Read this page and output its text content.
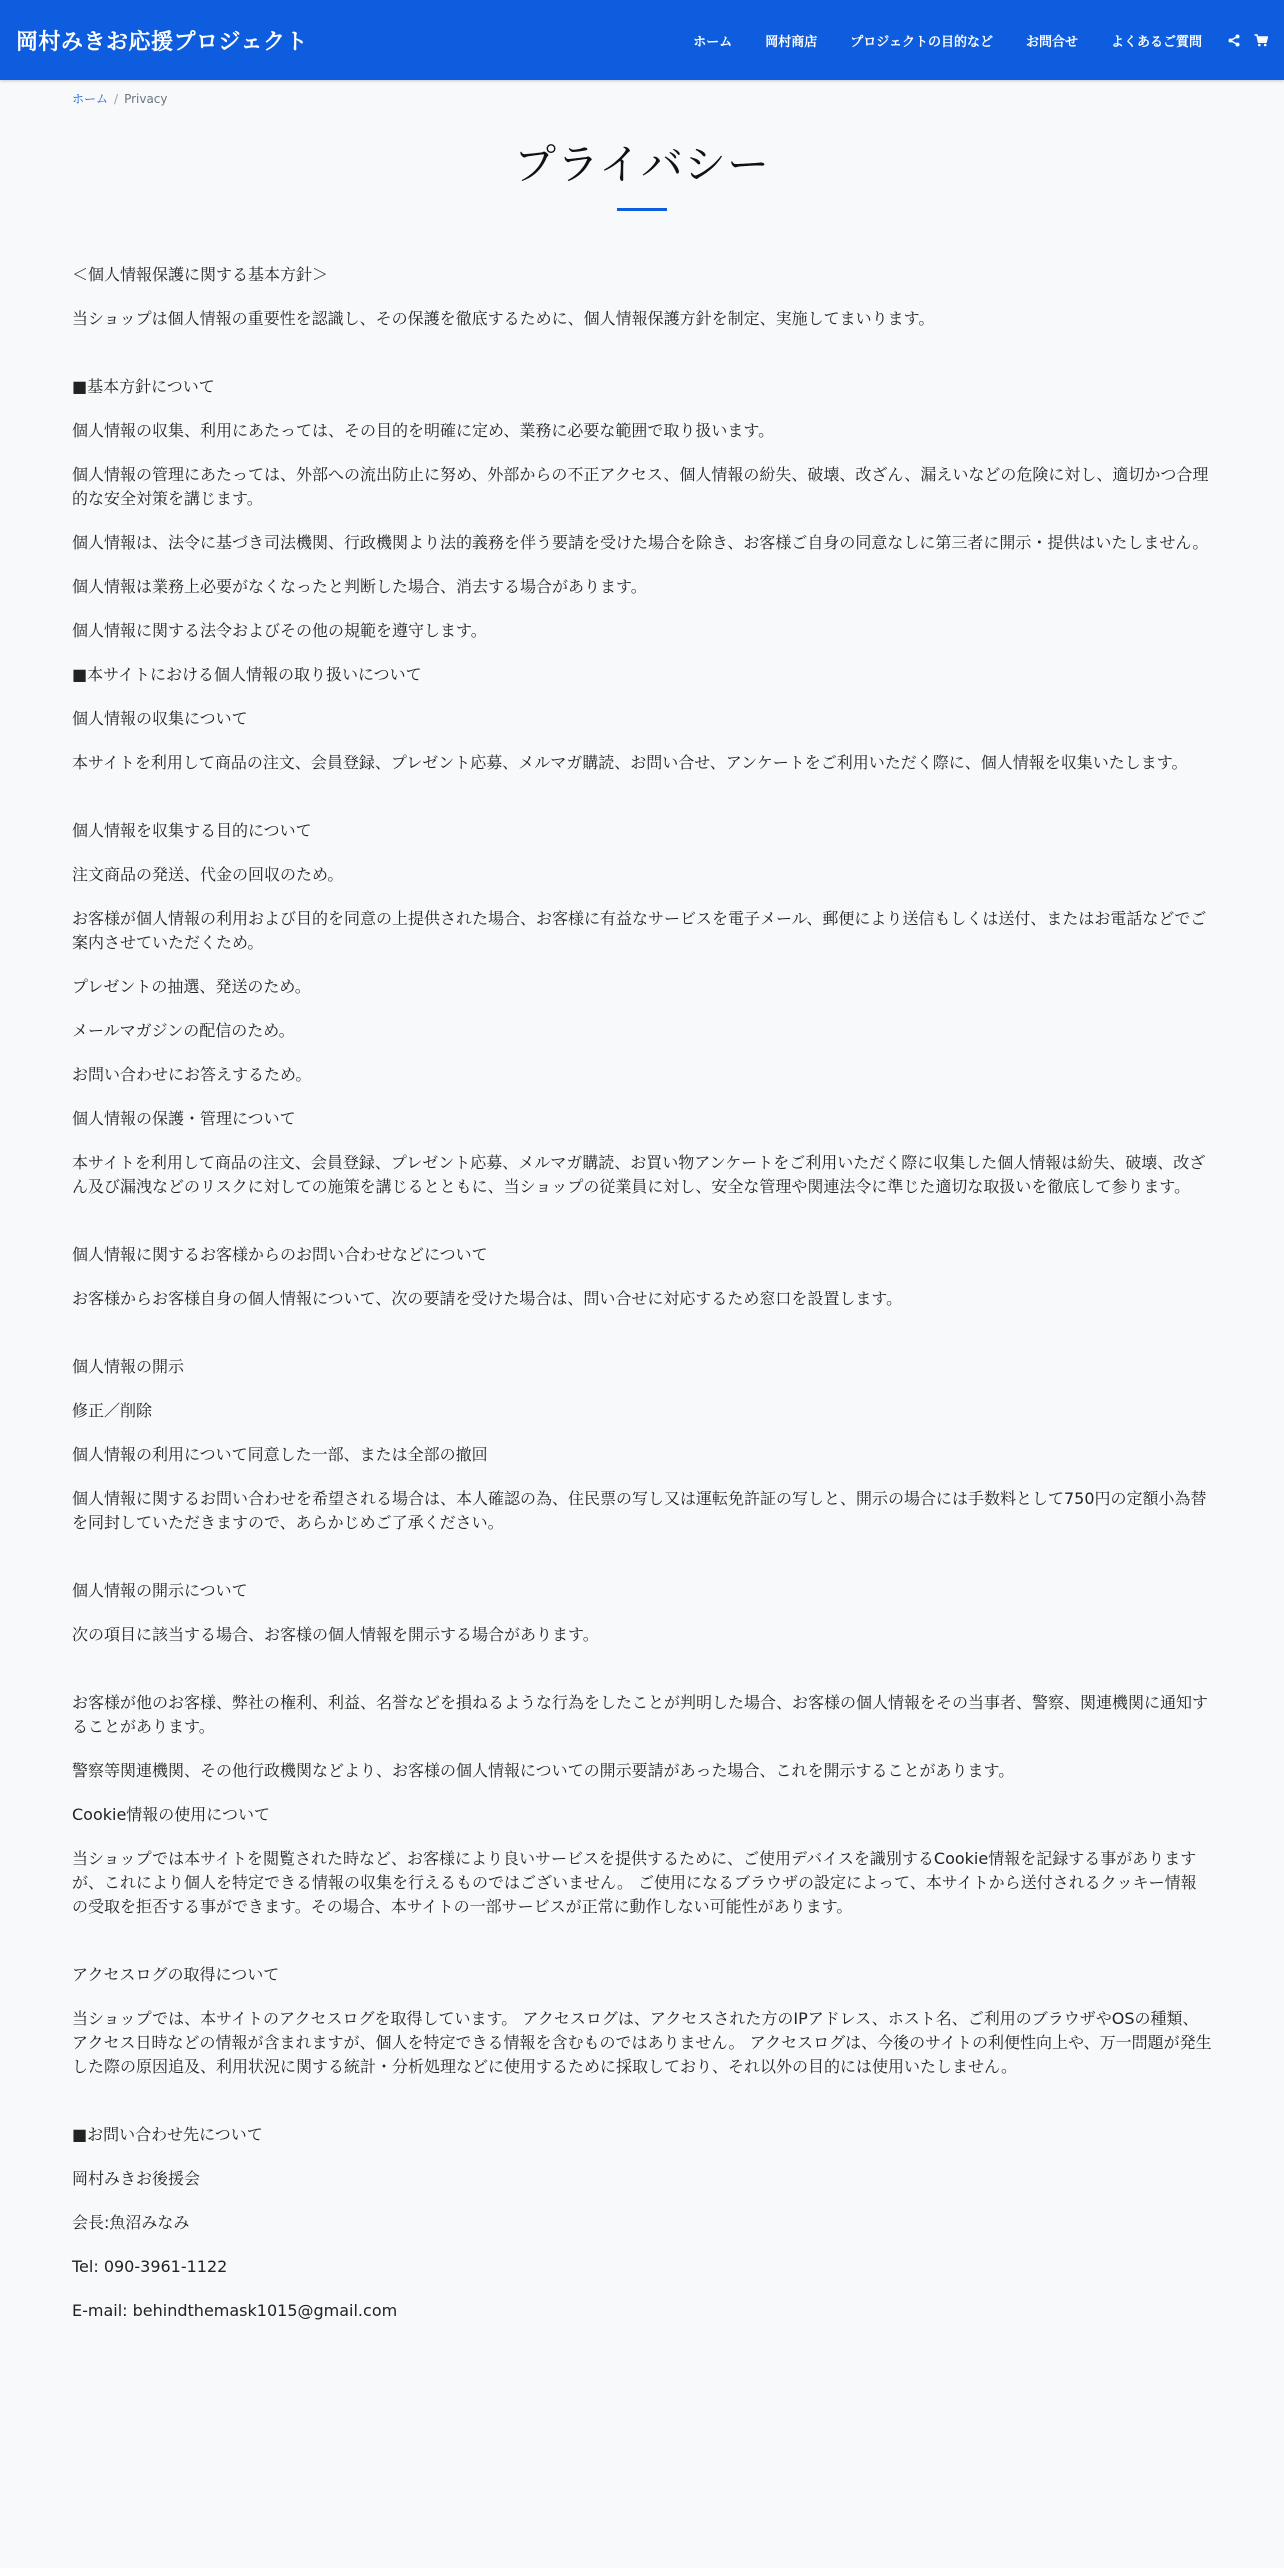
岡村みきお応援プロジェクト	ホーム	岡村商店	プロジェクトの目的など	お問合せ	よくあるご質問
ホーム / Privacy
プライバシー

＜個人情報保護に関する基本方針＞

当ショップは個人情報の重要性を認識し、その保護を徹底するために、個人情報保護方針を制定、実施してまいります。

■基本方針について

個人情報の収集、利用にあたっては、その目的を明確に定め、業務に必要な範囲で取り扱います。

個人情報の管理にあたっては、外部への流出防止に努め、外部からの不正アクセス、個人情報の紛失、破壊、改ざん、漏えいなどの危険に対し、適切かつ合理的な安全対策を講じます。

個人情報は、法令に基づき司法機関、行政機関より法的義務を伴う要請を受けた場合を除き、お客様ご自身の同意なしに第三者に開示・提供はいたしません。

個人情報は業務上必要がなくなったと判断した場合、消去する場合があります。

個人情報に関する法令およびその他の規範を遵守します。

■本サイトにおける個人情報の取り扱いについて

個人情報の収集について

本サイトを利用して商品の注文、会員登録、プレゼント応募、メルマガ購読、お問い合せ、アンケートをご利用いただく際に、個人情報を収集いたします。

個人情報を収集する目的について

注文商品の発送、代金の回収のため。

お客様が個人情報の利用および目的を同意の上提供された場合、お客様に有益なサービスを電子メール、郵便により送信もしくは送付、またはお電話などでご案内させていただくため。

プレゼントの抽選、発送のため。

メールマガジンの配信のため。

お問い合わせにお答えするため。

個人情報の保護・管理について

本サイトを利用して商品の注文、会員登録、プレゼント応募、メルマガ購読、お買い物アンケートをご利用いただく際に収集した個人情報は紛失、破壊、改ざん及び漏洩などのリスクに対しての施策を講じるとともに、当ショップの従業員に対し、安全な管理や関連法令に準じた適切な取扱いを徹底して参ります。

個人情報に関するお客様からのお問い合わせなどについて

お客様からお客様自身の個人情報について、次の要請を受けた場合は、問い合せに対応するため窓口を設置します。

個人情報の開示

修正／削除

個人情報の利用について同意した一部、または全部の撤回

個人情報に関するお問い合わせを希望される場合は、本人確認の為、住民票の写し又は運転免許証の写しと、開示の場合には手数料として750円の定額小為替を同封していただきますので、あらかじめご了承ください。

個人情報の開示について

次の項目に該当する場合、お客様の個人情報を開示する場合があります。

お客様が他のお客様、弊社の権利、利益、名誉などを損ねるような行為をしたことが判明した場合、お客様の個人情報をその当事者、警察、関連機関に通知することがあります。

警察等関連機関、その他行政機関などより、お客様の個人情報についての開示要請があった場合、これを開示することがあります。

Cookie情報の使用について

当ショップでは本サイトを閲覧された時など、お客様により良いサービスを提供するために、ご使用デバイスを識別するCookie情報を記録する事がありますが、これにより個人を特定できる情報の収集を行えるものではございません。 ご使用になるブラウザの設定によって、本サイトから送付されるクッキー情報の受取を拒否する事ができます。その場合、本サイトの一部サービスが正常に動作しない可能性があります。

アクセスログの取得について

当ショップでは、本サイトのアクセスログを取得しています。 アクセスログは、アクセスされた方のIPアドレス、ホスト名、ご利用のブラウザやOSの種類、アクセス日時などの情報が含まれますが、個人を特定できる情報を含むものではありません。 アクセスログは、今後のサイトの利便性向上や、万一問題が発生した際の原因追及、利用状況に関する統計・分析処理などに使用するために採取しており、それ以外の目的には使用いたしません。

■お問い合わせ先について

岡村みきお後援会

会長:魚沼みなみ

Tel: 090-3961-1122

E-mail: behindthemask1015@gmail.com
